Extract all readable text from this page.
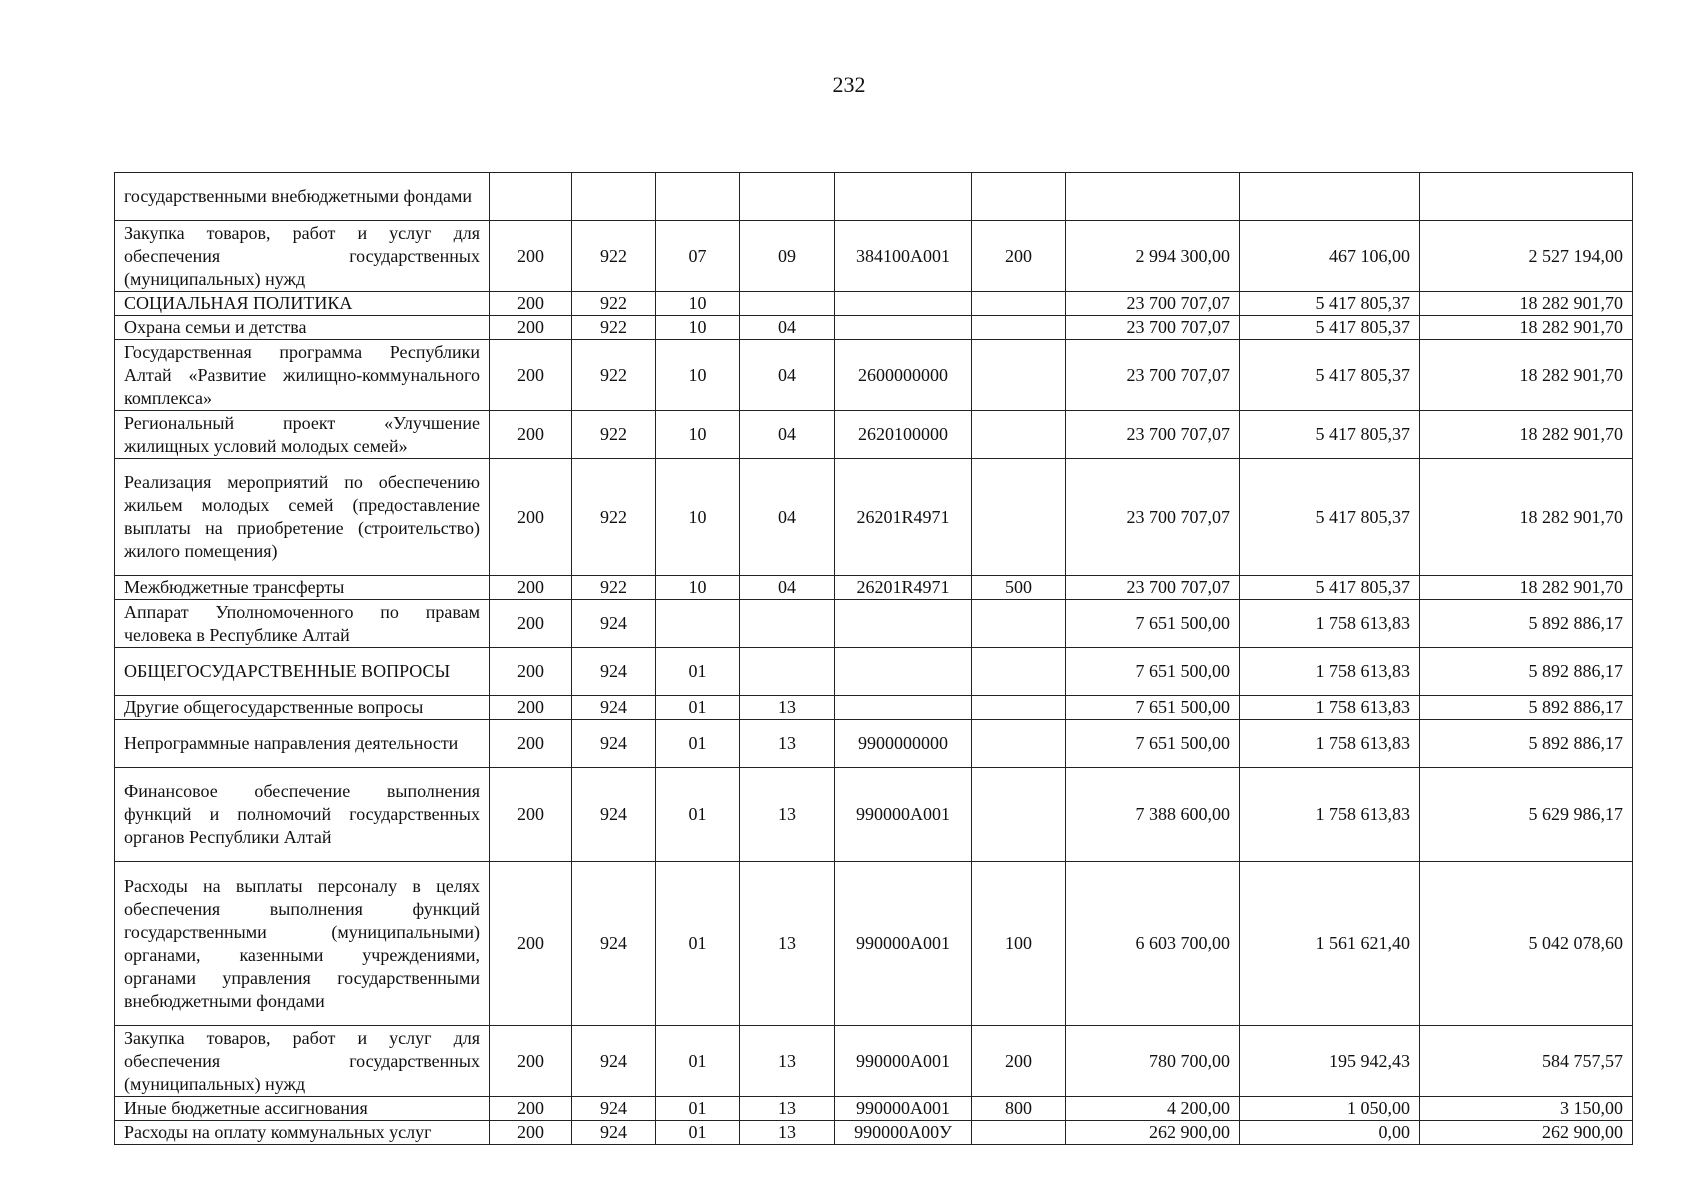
232
государственными внебюджетными фондами									
Закупка товаров, работ и услуг для обеспечения государственных (муниципальных) нужд	200	922	07	09	384100А001	200	2 994 300,00	467 106,00	2 527 194,00
СОЦИАЛЬНАЯ ПОЛИТИКА	200	922	10				23 700 707,07	5 417 805,37	18 282 901,70
Охрана семьи и детства	200	922	10	04			23 700 707,07	5 417 805,37	18 282 901,70
Государственная программа Республики Алтай «Развитие жилищно-коммунального комплекса»	200	922	10	04	2600000000		23 700 707,07	5 417 805,37	18 282 901,70
Региональный проект «Улучшение жилищных условий молодых семей»	200	922	10	04	2620100000		23 700 707,07	5 417 805,37	18 282 901,70
Реализация мероприятий по обеспечению жильем молодых семей (предоставление выплаты на приобретение (строительство) жилого помещения)	200	922	10	04	26201R4971		23 700 707,07	5 417 805,37	18 282 901,70
Межбюджетные трансферты	200	922	10	04	26201R4971	500	23 700 707,07	5 417 805,37	18 282 901,70
Аппарат Уполномоченного по правам человека в Республике Алтай	200	924					7 651 500,00	1 758 613,83	5 892 886,17
ОБЩЕГОСУДАРСТВЕННЫЕ ВОПРОСЫ	200	924	01				7 651 500,00	1 758 613,83	5 892 886,17
Другие общегосударственные вопросы	200	924	01	13			7 651 500,00	1 758 613,83	5 892 886,17
Непрограммные направления деятельности	200	924	01	13	9900000000		7 651 500,00	1 758 613,83	5 892 886,17
Финансовое обеспечение выполнения функций и полномочий государственных органов Республики Алтай	200	924	01	13	990000А001		7 388 600,00	1 758 613,83	5 629 986,17
Расходы на выплаты персоналу в целях обеспечения выполнения функций государственными (муниципальными) органами, казенными учреждениями, органами управления государственными внебюджетными фондами	200	924	01	13	990000А001	100	6 603 700,00	1 561 621,40	5 042 078,60
Закупка товаров, работ и услуг для обеспечения государственных (муниципальных) нужд	200	924	01	13	990000А001	200	780 700,00	195 942,43	584 757,57
Иные бюджетные ассигнования	200	924	01	13	990000А001	800	4 200,00	1 050,00	3 150,00
Расходы на оплату коммунальных услуг	200	924	01	13	990000А00У		262 900,00	0,00	262 900,00
